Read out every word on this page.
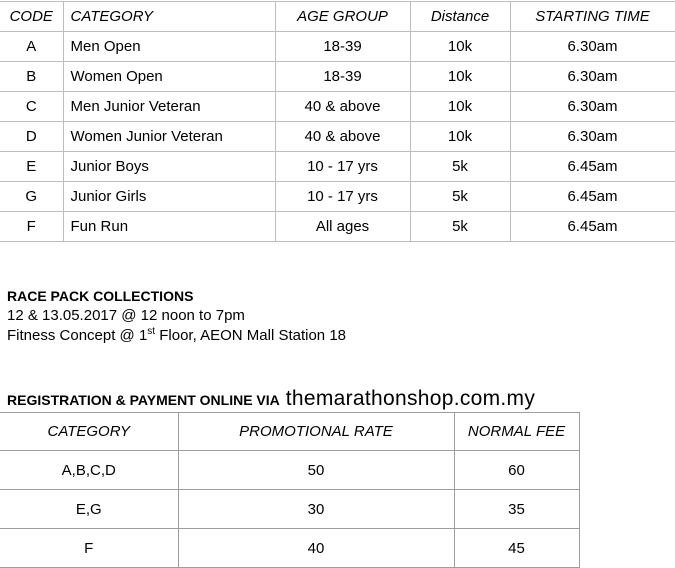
CODE	CATEGORY	AGE GROUP	Distance	STARTING TIME
A	Men Open	18-39	10k	6.30am
B	Women Open	18-39	10k	6.30am
C	Men Junior Veteran	40 & above	10k	6.30am
D	Women Junior Veteran	40 & above	10k	6.30am
E	Junior Boys	10 - 17 yrs	5k	6.45am
G	Junior Girls	10 - 17 yrs	5k	6.45am
F	Fun Run	All ages	5k	6.45am
RACE PACK COLLECTIONS
12 & 13.05.2017 @ 12 noon to 7pm
Fitness Concept @ 1st Floor, AEON Mall Station 18
REGISTRATION & PAYMENT ONLINE VIA themarathonshop.com.my
CATEGORY	PROMOTIONAL RATE	NORMAL FEE
A,B,C,D	50	60
E,G	30	35
F	40	45
